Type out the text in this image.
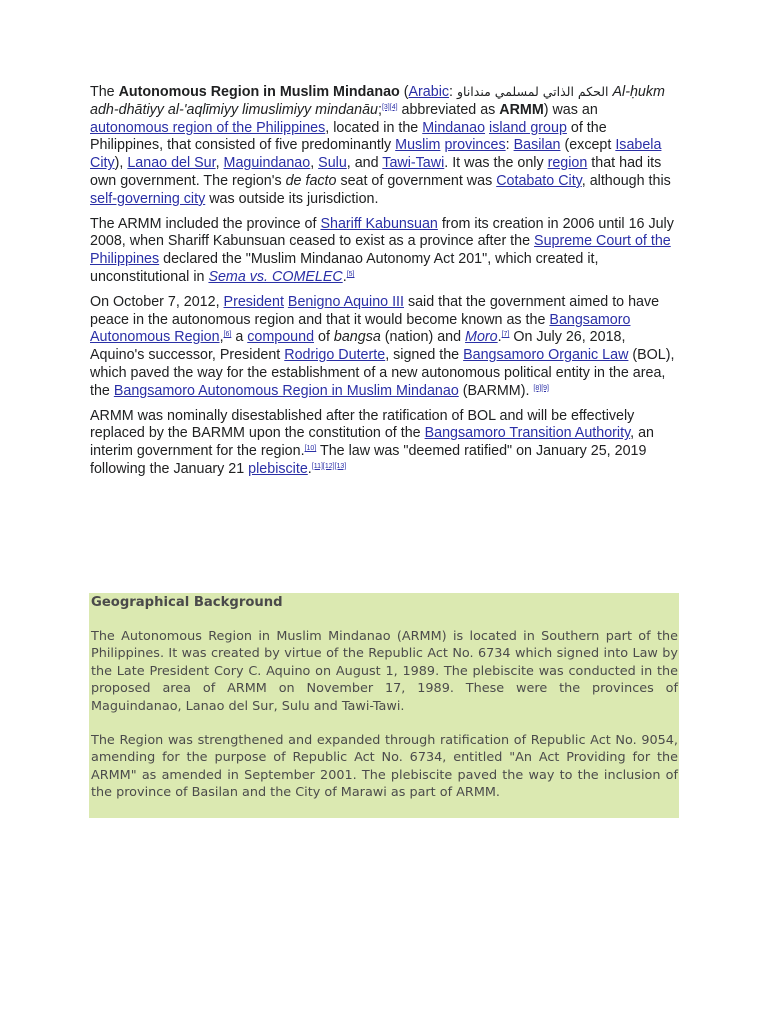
The Autonomous Region in Muslim Mindanao (Arabic: الحكم الذاتي لمسلمي منداناو Al-ḥukm adh-dhātiyy al-'aqlīmiyy limuslimiyy mindanāu;[3][4] abbreviated as ARMM) was an autonomous region of the Philippines, located in the Mindanao island group of the Philippines, that consisted of five predominantly Muslim provinces: Basilan (except Isabela City), Lanao del Sur, Maguindanao, Sulu, and Tawi-Tawi. It was the only region that had its own government. The region's de facto seat of government was Cotabato City, although this self-governing city was outside its jurisdiction.

The ARMM included the province of Shariff Kabunsuan from its creation in 2006 until 16 July 2008, when Shariff Kabunsuan ceased to exist as a province after the Supreme Court of the Philippines declared the "Muslim Mindanao Autonomy Act 201", which created it, unconstitutional in Sema vs. COMELEC.[5]

On October 7, 2012, President Benigno Aquino III said that the government aimed to have peace in the autonomous region and that it would become known as the Bangsamoro Autonomous Region,[6] a compound of bangsa (nation) and Moro.[7] On July 26, 2018, Aquino's successor, President Rodrigo Duterte, signed the Bangsamoro Organic Law (BOL), which paved the way for the establishment of a new autonomous political entity in the area, the Bangsamoro Autonomous Region in Muslim Mindanao (BARMM). [8][9]

ARMM was nominally disestablished after the ratification of BOL and will be effectively replaced by the BARMM upon the constitution of the Bangsamoro Transition Authority, an interim government for the region.[10] The law was "deemed ratified" on January 25, 2019 following the January 21 plebiscite.[11][12][13]

Geographical Background

The Autonomous Region in Muslim Mindanao (ARMM) is located in Southern part of the Philippines. It was created by virtue of the Republic Act No. 6734 which signed into Law by the Late President Cory C. Aquino on August 1, 1989. The plebiscite was conducted in the proposed area of ARMM on November 17, 1989. These were the provinces of Maguindanao, Lanao del Sur, Sulu and Tawi-Tawi.

The Region was strengthened and expanded through ratification of Republic Act No. 9054, amending for the purpose of Republic Act No. 6734, entitled "An Act Providing for the ARMM" as amended in September 2001. The plebiscite paved the way to the inclusion of the province of Basilan and the City of Marawi as part of ARMM.
